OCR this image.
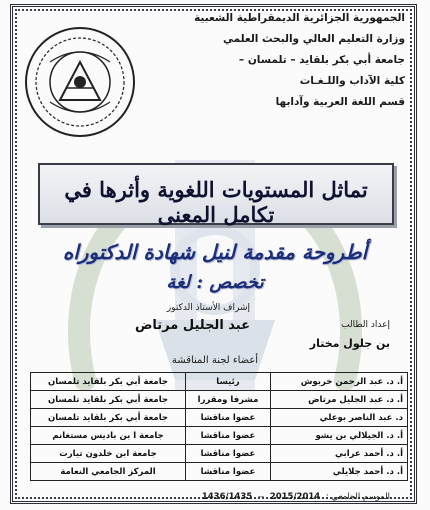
الجمهورية الجزائرية الديمقراطية الشعبية
وزارة التعليم العالي والبحث العلمي
جامعة أبي بكر بلقايد – تلمسان –
كلية الآداب واللـغـات
قسم اللغة العربية وآدابها
تماثل المستويات اللغوية وأثرها في تكامل المعنى
أطروحة مقدمة لنيل شهادة الدكتوراه
تخصص : لغة
إعداد الطالب
بن جلول مختار
إشراف الأستاذ الدكتور
عبد الجليل مرتاض
أعضاء لجنة المناقشة
أ. د. عبد الرحمن خربوش	رئيسا	جامعة أبي بكر بلقايد تلمسان
أ. د. عبد الجليل مرتاض	مشرفا ومقررا	جامعة أبي بكر بلقايد تلمسان
د. عبد الناصر بوعلي	عضوا مناقشا	جامعة أبي بكر بلقايد تلمسان
أ. د. الجيلالي بن يشو	عضوا مناقشا	جامعة ا بن باديس مستغانم
أ. د. أحمد عرابي	عضوا مناقشا	جامعة ابن خلدون تيارت
أ. د. أحمد جلايلي	عضوا مناقشا	المركز الجامعي النعامة
الموسم الجامعي : 2015/2014 -- 1436/1435
